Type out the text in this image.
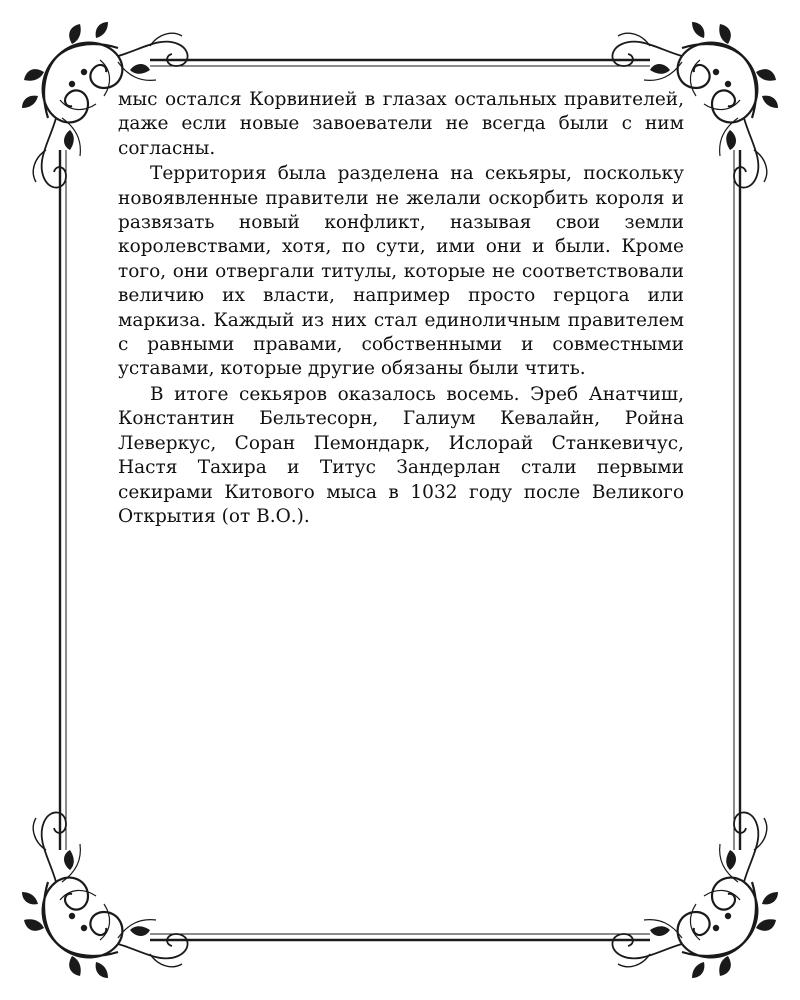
мыс остался Корвинией в глазах остальных правителей, даже если новые завоеватели не всегда были с ним согласны.

Территория была разделена на секьяры, поскольку новоявленные правители не желали оскорбить короля и развязать новый конфликт, называя свои земли королевствами, хотя, по сути, ими они и были. Кроме того, они отвергали титулы, которые не соответствовали величию их власти, например просто герцога или маркиза. Каждый из них стал единоличным правителем с равными правами, собственными и совместными уставами, которые другие обязаны были чтить.

В итоге секьяров оказалось восемь. Эреб Анатчиш, Константин Бельтесорн, Галиум Кевалайн, Ройна Леверкус, Соран Пемондарк, Ислорай Станкевичус, Настя Тахира и Титус Зандерлан стали первыми секирами Китового мыса в 1032 году после Великого Открытия (от В.О.).
